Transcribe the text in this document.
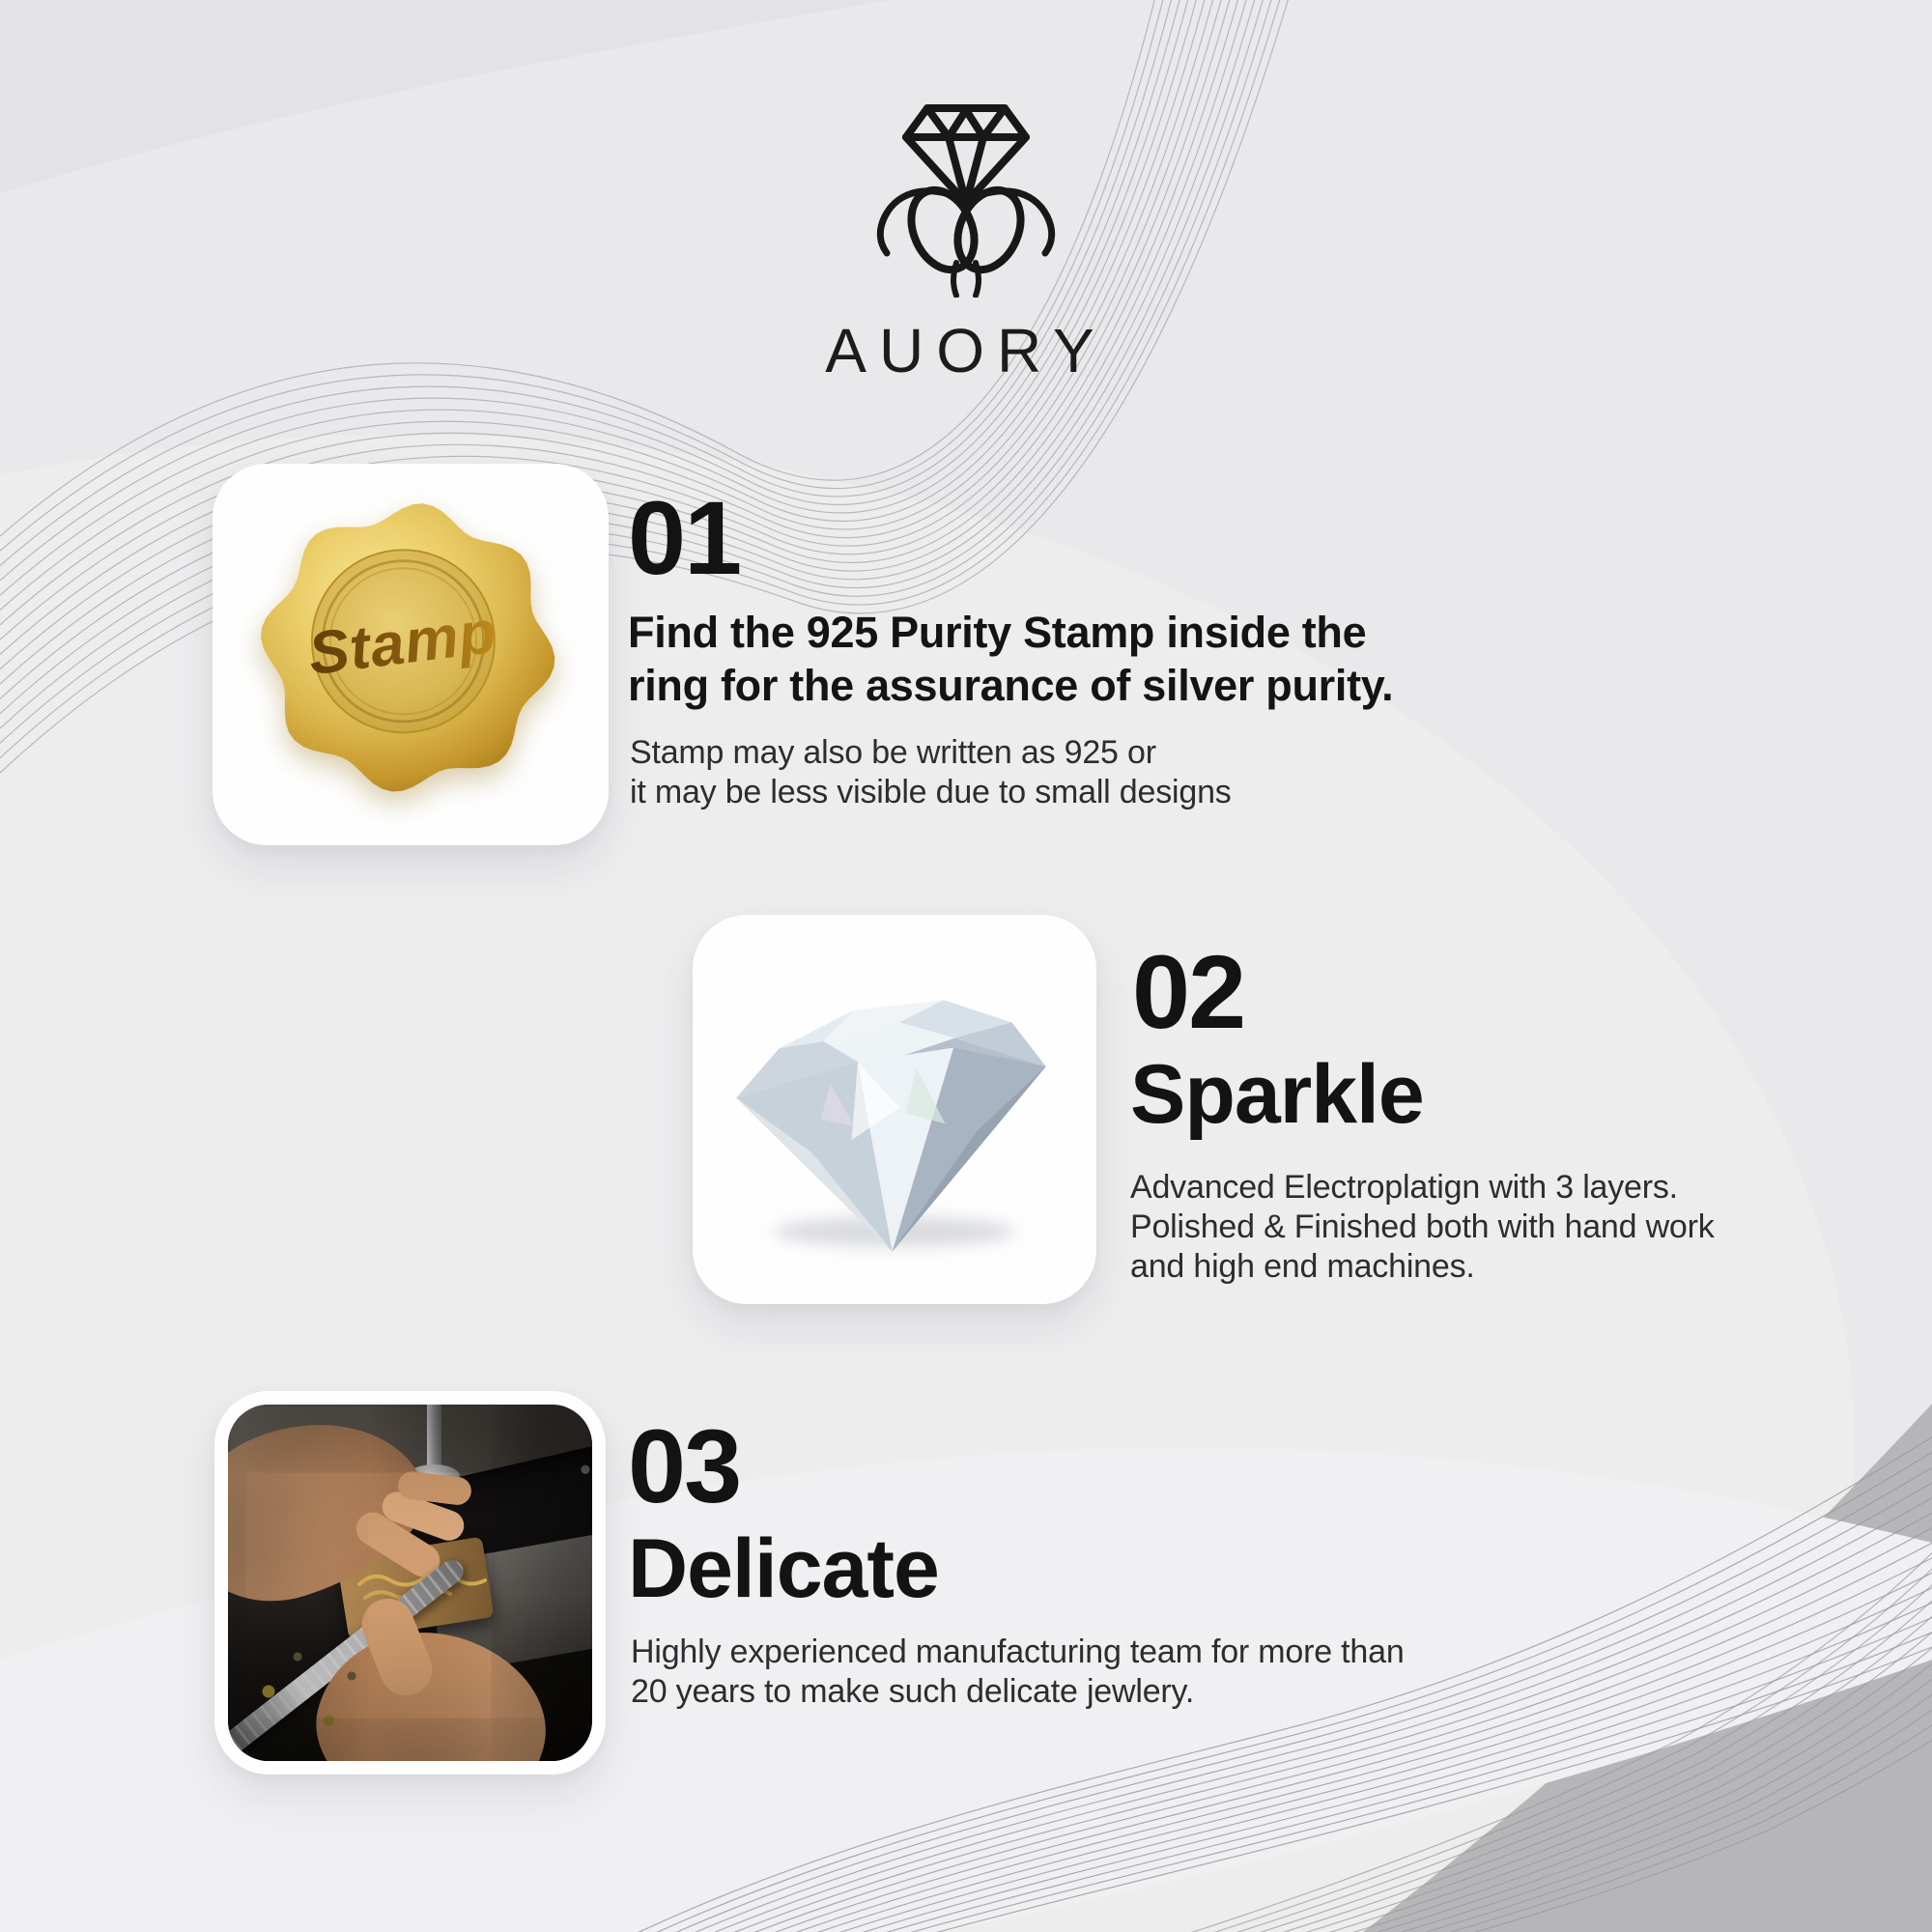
AUORY
Stamp
01
Find the 925 Purity Stamp inside the
ring for the assurance of silver purity.
Stamp may also be written as 925 or
it may be less visible due to small designs
02
Sparkle
Advanced Electroplatign with 3 layers.
Polished & Finished both with hand work
and high end machines.
03
Delicate
Highly experienced manufacturing team for more than
20 years to make such delicate jewlery.
